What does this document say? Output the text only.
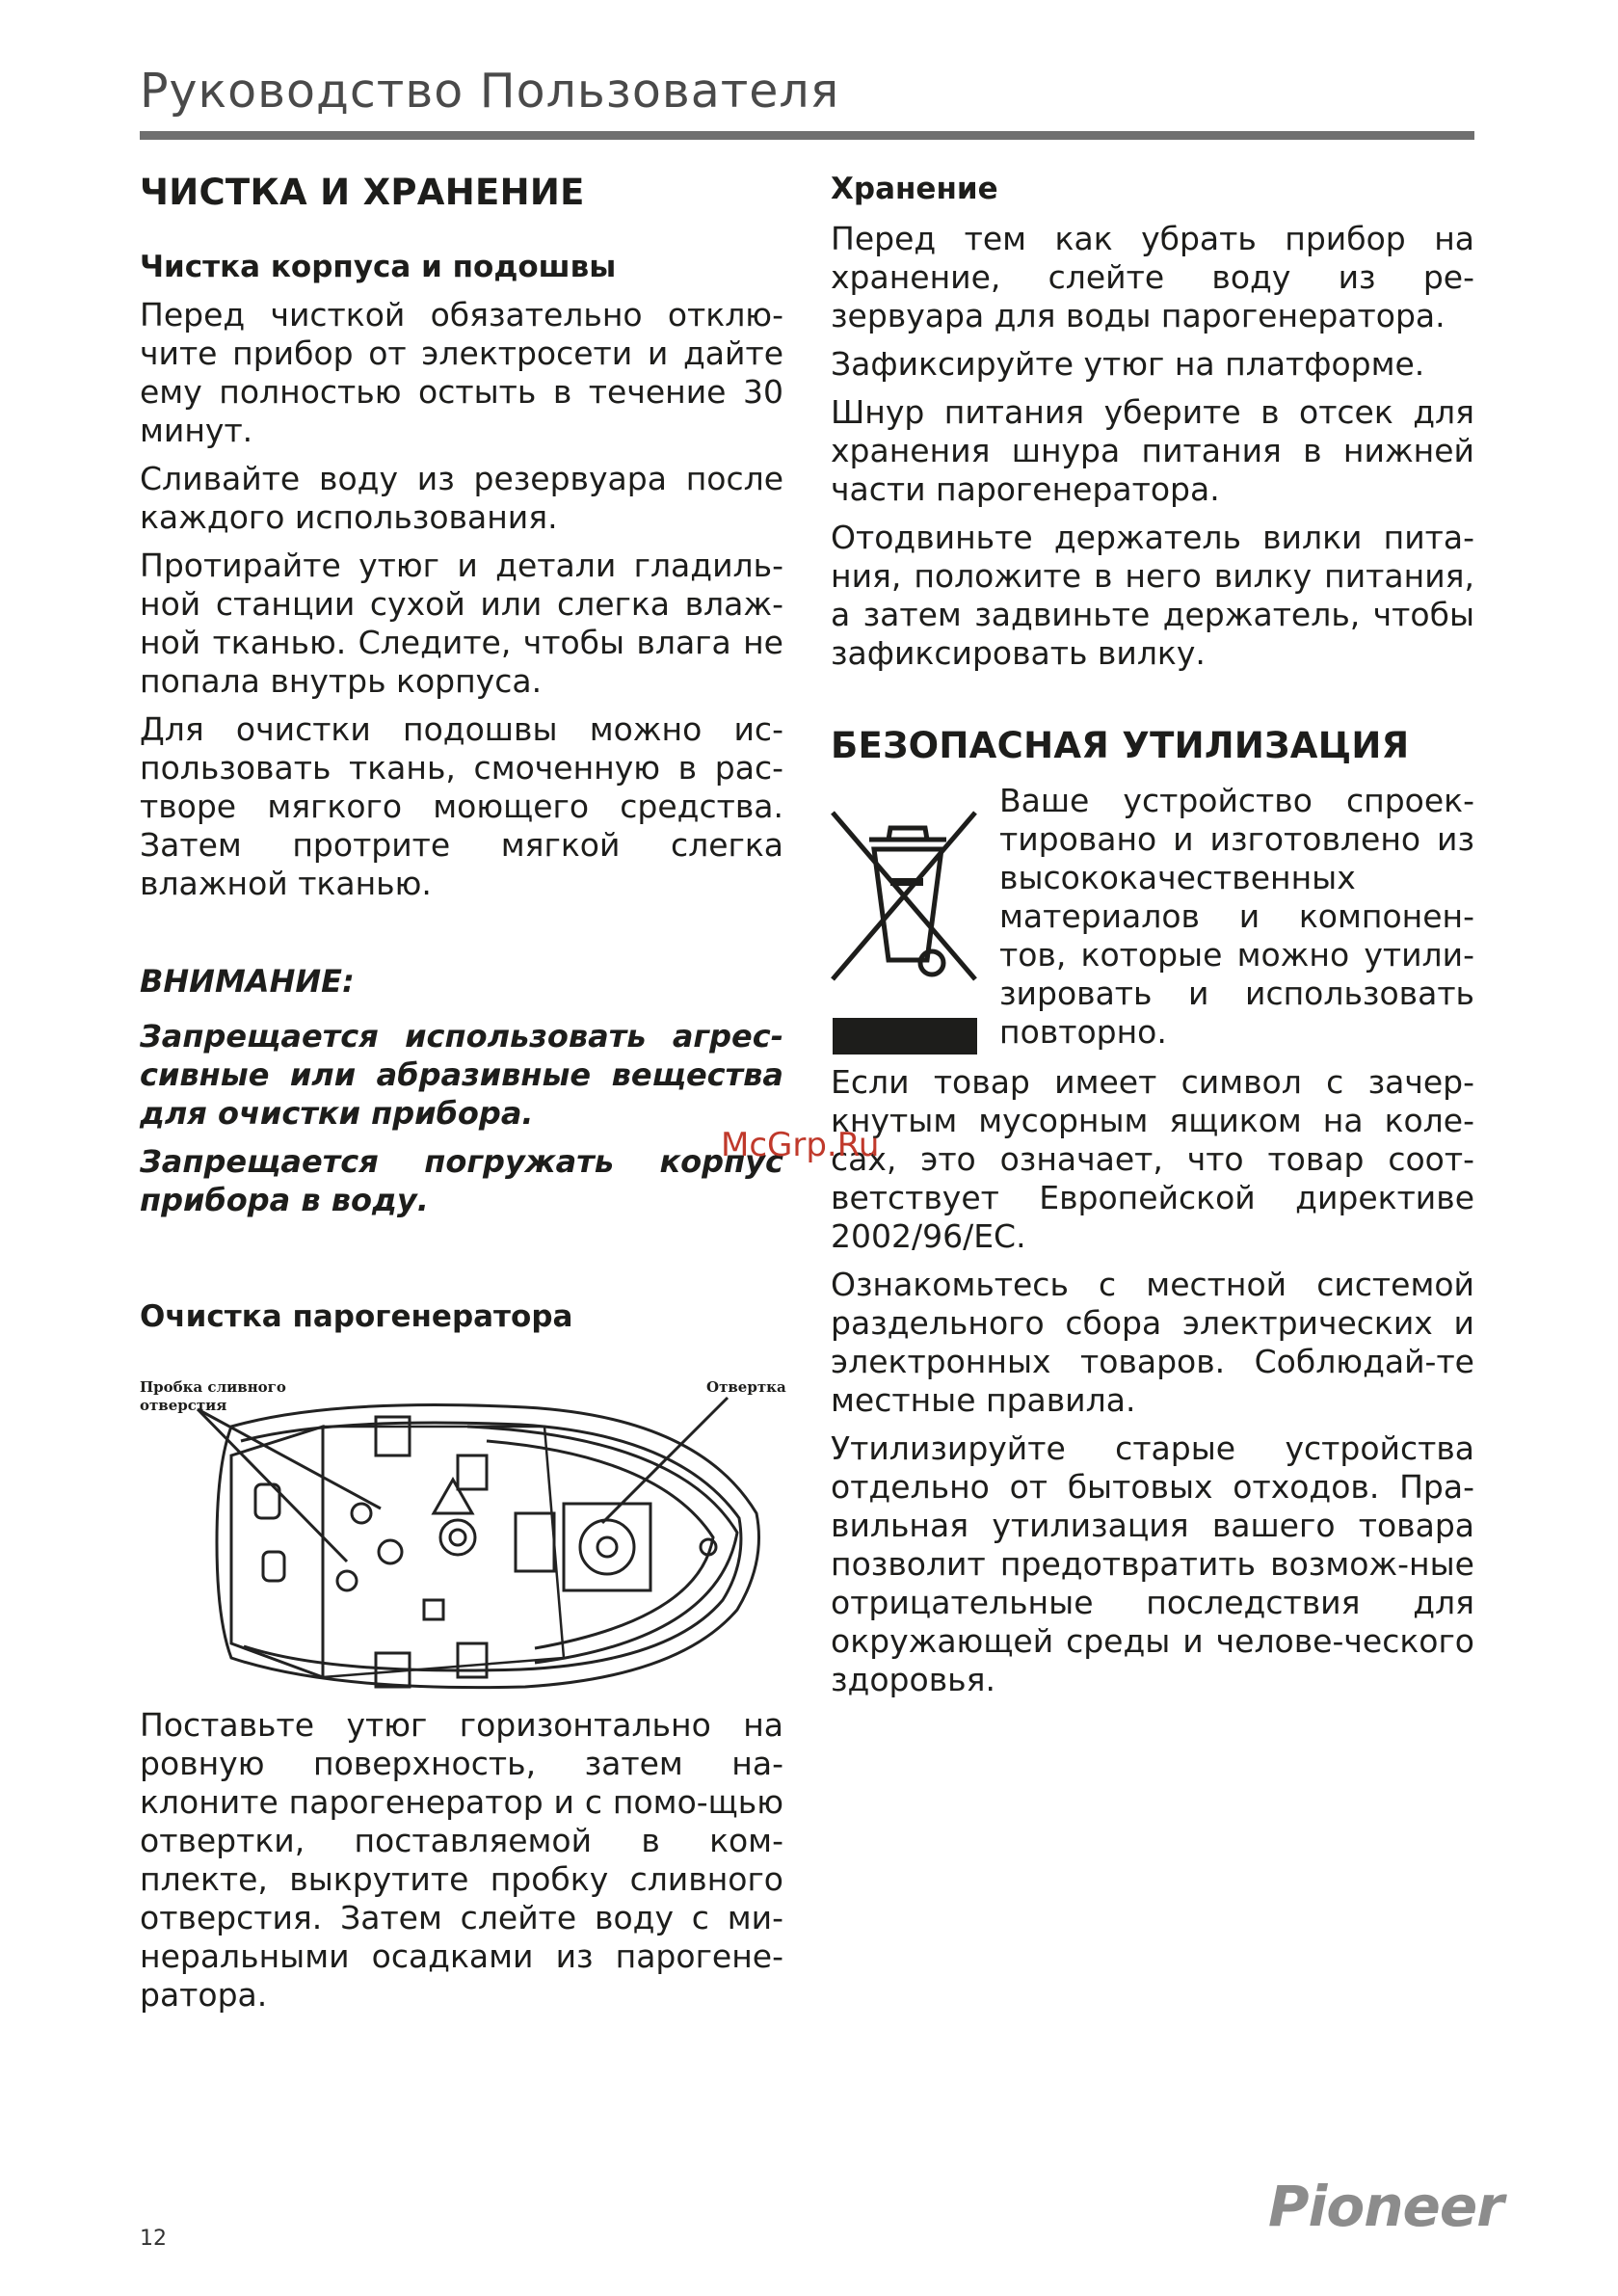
Руководство Пользователя
ЧИСТКА И ХРАНЕНИЕ
Чистка корпуса и подошвы

Перед чисткой обязательно отклю-чите прибор от электросети и дайте ему полностью остыть в течение 30 минут.

Сливайте воду из резервуара после каждого использования.

Протирайте утюг и детали гладиль-ной станции сухой или слегка влаж-ной тканью. Следите, чтобы влага не попала внутрь корпуса.

Для очистки подошвы можно ис-пользовать ткань, смоченную в рас-творе мягкого моющего средства. Затем протрите мягкой слегка влажной тканью.

ВНИМАНИЕ:

Запрещается использовать агрес-сивные или абразивные вещества для очистки прибора.

Запрещается погружать корпус прибора в воду.

Очистка парогенератора
Пробка сливного
отверстия
Отвертка

Поставьте утюг горизонтально на ровную поверхность, затем на-клоните парогенератор и с помо-щью отвертки, поставляемой в ком-плекте, выкрутите пробку сливного отверстия. Затем слейте воду с ми-неральными осадками из парогене-ратора.

Хранение

Перед тем как убрать прибор на хранение, слейте воду из ре-зервуара для воды парогенератора.

Зафиксируйте утюг на платформе.

Шнур питания уберите в отсек для хранения шнура питания в нижней части парогенератора.

Отодвиньте держатель вилки пита-ния, положите в него вилку питания, а затем задвиньте держатель, чтобы зафиксировать вилку.

БЕЗОПАСНАЯ УТИЛИЗАЦИЯ

Ваше устройство спроек-тировано и изготовлено из высококачественных материалов и компонен-тов, которые можно утили-зировать и использовать повторно.

Если товар имеет символ с зачер-кнутым мусорным ящиком на коле-сах, это означает, что товар соот-ветствует Европейской директиве 2002/96/EC.

Ознакомьтесь с местной системой раздельного сбора электрических и электронных товаров. Соблюдай-те местные правила.

Утилизируйте старые устройства отдельно от бытовых отходов. Пра-вильная утилизация вашего товара позволит предотвратить возмож-ные отрицательные последствия для окружающей среды и челове-ческого здоровья.

McGrp.Ru
12	Pioneer
